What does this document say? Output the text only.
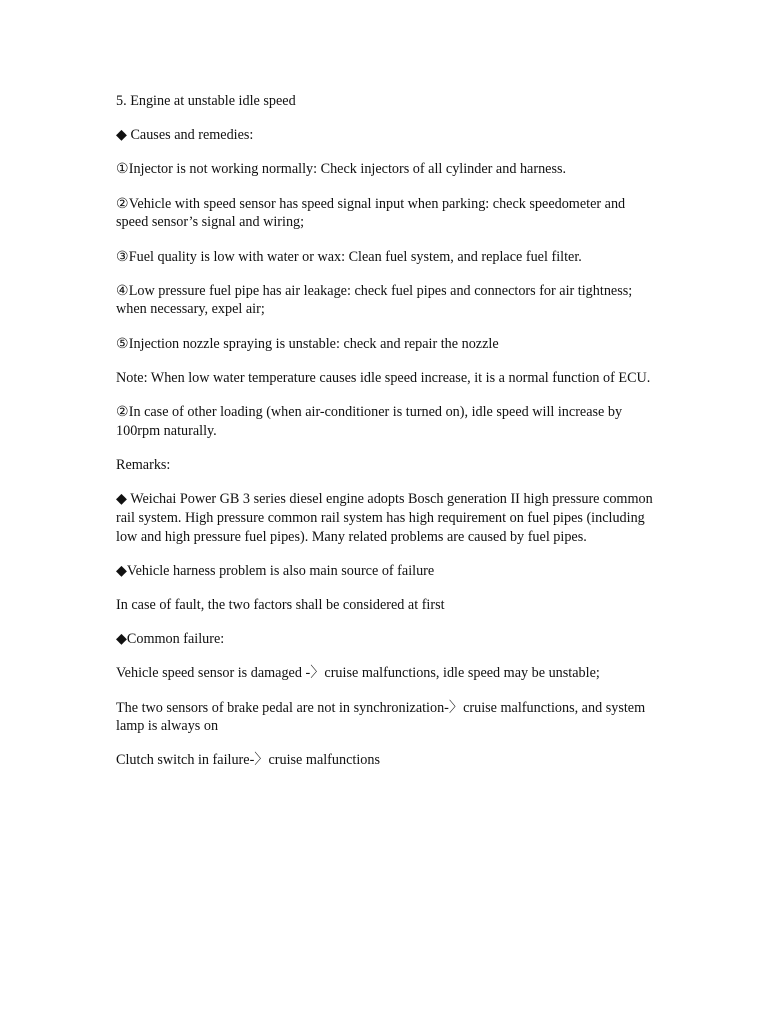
5. Engine at unstable idle speed

◆ Causes and remedies:

①Injector is not working normally: Check injectors of all cylinder and harness.

②Vehicle with speed sensor has speed signal input when parking: check speedometer and speed sensor’s signal and wiring;

③Fuel quality is low with water or wax: Clean fuel system, and replace fuel filter.

④Low pressure fuel pipe has air leakage: check fuel pipes and connectors for air tightness; when necessary, expel air;

⑤Injection nozzle spraying is unstable: check and repair the nozzle

Note: When low water temperature causes idle speed increase, it is a normal function of ECU.

②In case of other loading (when air-conditioner is turned on), idle speed will increase by 100rpm naturally.

Remarks:

◆ Weichai Power GB 3 series diesel engine adopts Bosch generation II high pressure common rail system. High pressure common rail system has high requirement on fuel pipes (including low and high pressure fuel pipes). Many related problems are caused by fuel pipes.

◆Vehicle harness problem is also main source of failure

In case of fault, the two factors shall be considered at first

◆Common failure:

Vehicle speed sensor is damaged -〉cruise malfunctions, idle speed may be unstable;

The two sensors of brake pedal are not in synchronization-〉cruise malfunctions, and system lamp is always on

Clutch switch in failure-〉cruise malfunctions
